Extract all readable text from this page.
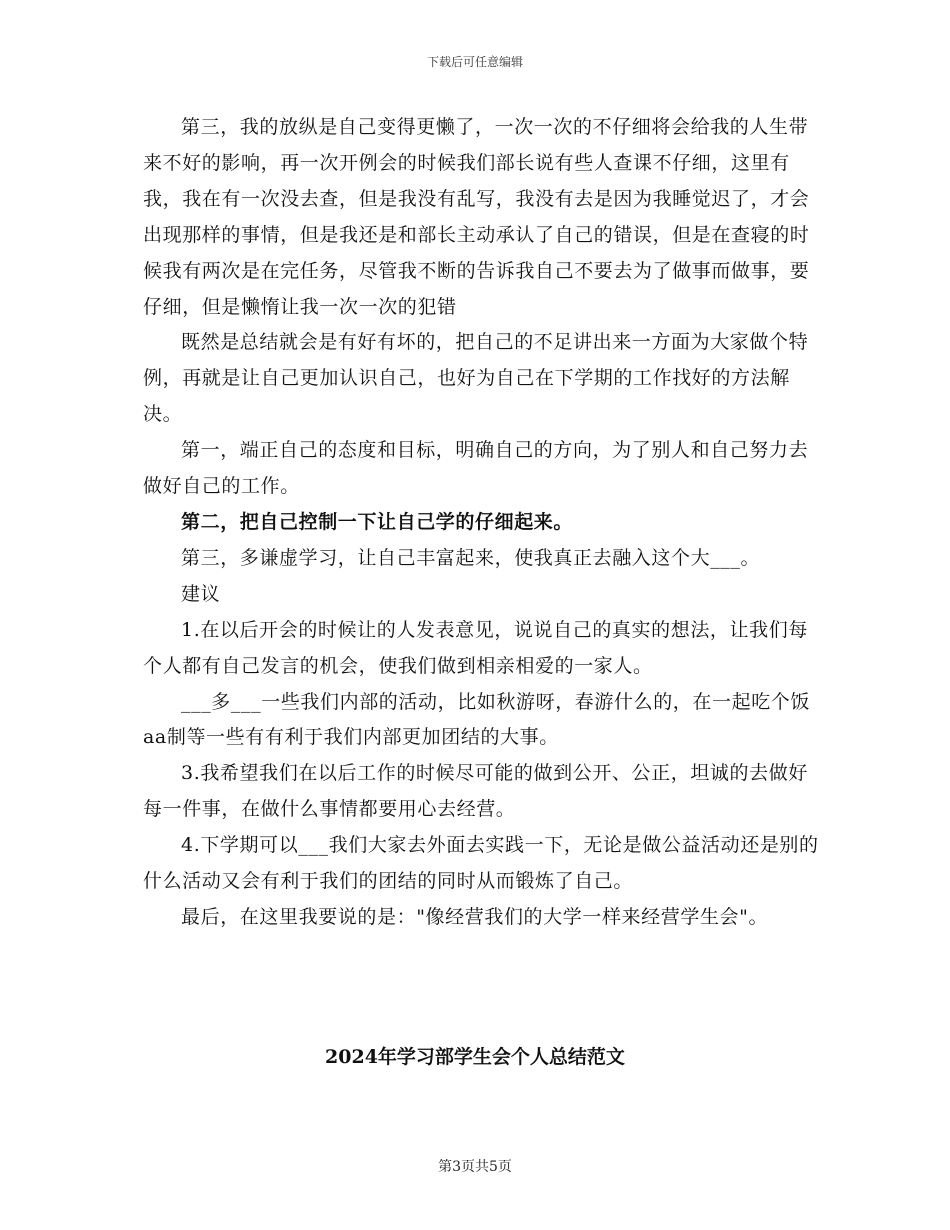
下载后可任意编辑

第三，我的放纵是自己变得更懒了，一次一次的不仔细将会给我的人生带来不好的影响，再一次开例会的时候我们部长说有些人查课不仔细，这里有我，我在有一次没去查，但是我没有乱写，我没有去是因为我睡觉迟了，才会出现那样的事情，但是我还是和部长主动承认了自己的错误，但是在查寝的时候我有两次是在完任务，尽管我不断的告诉我自己不要去为了做事而做事，要仔细，但是懒惰让我一次一次的犯错

既然是总结就会是有好有坏的，把自己的不足讲出来一方面为大家做个特例，再就是让自己更加认识自己，也好为自己在下学期的工作找好的方法解决。

第一，端正自己的态度和目标，明确自己的方向，为了别人和自己努力去做好自己的工作。

第二，把自己控制一下让自己学的仔细起来。

第三，多谦虚学习，让自己丰富起来，使我真正去融入这个大___。

建议

1.在以后开会的时候让的人发表意见，说说自己的真实的想法，让我们每个人都有自己发言的机会，使我们做到相亲相爱的一家人。

___多___一些我们内部的活动，比如秋游呀，春游什么的，在一起吃个饭aa制等一些有有利于我们内部更加团结的大事。

3.我希望我们在以后工作的时候尽可能的做到公开、公正，坦诚的去做好每一件事，在做什么事情都要用心去经营。

4.下学期可以___我们大家去外面去实践一下，无论是做公益活动还是别的什么活动又会有利于我们的团结的同时从而锻炼了自己。

最后，在这里我要说的是："像经营我们的大学一样来经营学生会"。

2024年学习部学生会个人总结范文
第3页共5页
